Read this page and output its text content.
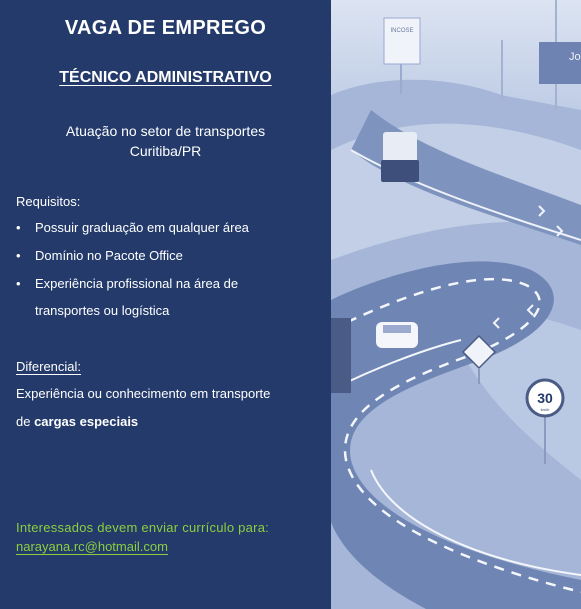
VAGA DE EMPREGO
TÉCNICO ADMINISTRATIVO
Atuação no setor de transportes
Curitiba/PR
Requisitos:
• Possuir graduação em qualquer área
• Domínio no Pacote Office
• Experiência profissional na área de
transportes ou logística
Diferencial:
Experiência ou conhecimento em transporte
de cargas especiais
Interessados devem enviar currículo para:
narayana.rc@hotmail.com
INCOSE
Jo
30
km/h
